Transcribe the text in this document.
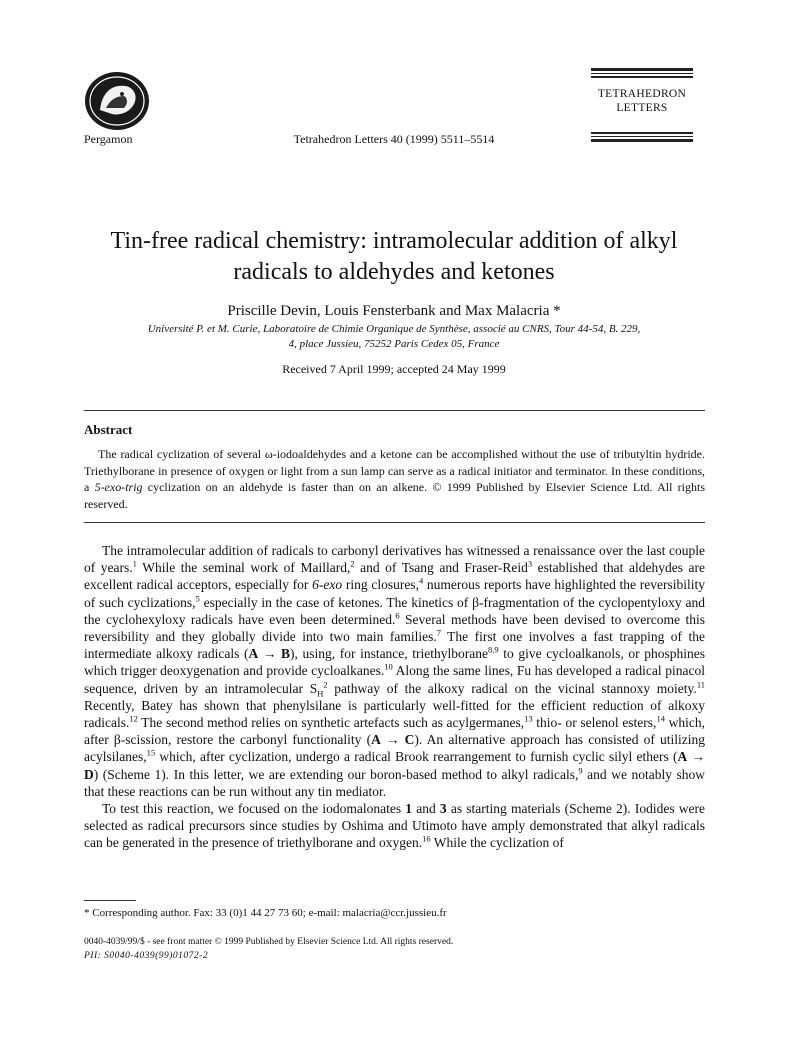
Pergamon	Tetrahedron Letters 40 (1999) 5511–5514
TETRAHEDRON
LETTERS
Tin-free radical chemistry: intramolecular addition of alkyl radicals to aldehydes and ketones
Priscille Devin, Louis Fensterbank and Max Malacria *
Université P. et M. Curie, Laboratoire de Chimie Organique de Synthèse, associé au CNRS, Tour 44-54, B. 229,
4, place Jussieu, 75252 Paris Cedex 05, France
Received 7 April 1999; accepted 24 May 1999
Abstract
The radical cyclization of several ω-iodoaldehydes and a ketone can be accomplished without the use of tributyltin hydride. Triethylborane in presence of oxygen or light from a sun lamp can serve as a radical initiator and terminator. In these conditions, a 5-exo-trig cyclization on an aldehyde is faster than on an alkene. © 1999 Published by Elsevier Science Ltd. All rights reserved.

The intramolecular addition of radicals to carbonyl derivatives has witnessed a renaissance over the last couple of years.$^1$ While the seminal work of Maillard,$^2$ and of Tsang and Fraser-Reid$^3$ established that aldehydes are excellent radical acceptors, especially for 6-exo ring closures,$^4$ numerous reports have highlighted the reversibility of such cyclizations,$^5$ especially in the case of ketones. The kinetics of β-fragmentation of the cyclopentyloxy and the cyclohexyloxy radicals have even been determined.$^6$ Several methods have been devised to overcome this reversibility and they globally divide into two main families.$^7$ The first one involves a fast trapping of the intermediate alkoxy radicals (A → B), using, for instance, triethylborane$^{8,9}$ to give cycloalkanols, or phosphines which trigger deoxygenation and provide cycloalkanes.$^{10}$ Along the same lines, Fu has developed a radical pinacol sequence, driven by an intramolecular $S_H^2$ pathway of the alkoxy radical on the vicinal stannoxy moiety.$^{11}$ Recently, Batey has shown that phenylsilane is particularly well-fitted for the efficient reduction of alkoxy radicals.$^{12}$ The second method relies on synthetic artefacts such as acylgermanes,$^{13}$ thio- or selenol esters,$^{14}$ which, after β-scission, restore the carbonyl functionality (A → C). An alternative approach has consisted of utilizing acylsilanes,$^{15}$ which, after cyclization, undergo a radical Brook rearrangement to furnish cyclic silyl ethers (A → D) (Scheme 1). In this letter, we are extending our boron-based method to alkyl radicals,$^9$ and we notably show that these reactions can be run without any tin mediator.

To test this reaction, we focused on the iodomalonates 1 and 3 as starting materials (Scheme 2). Iodides were selected as radical precursors since studies by Oshima and Utimoto have amply demonstrated that alkyl radicals can be generated in the presence of triethylborane and oxygen.$^{16}$ While the cyclization of

* Corresponding author. Fax: 33 (0)1 44 27 73 60; e-mail: malacria@ccr.jussieu.fr
0040-4039/99/$ - see front matter © 1999 Published by Elsevier Science Ltd. All rights reserved.
PII: S0040-4039(99)01072-2
